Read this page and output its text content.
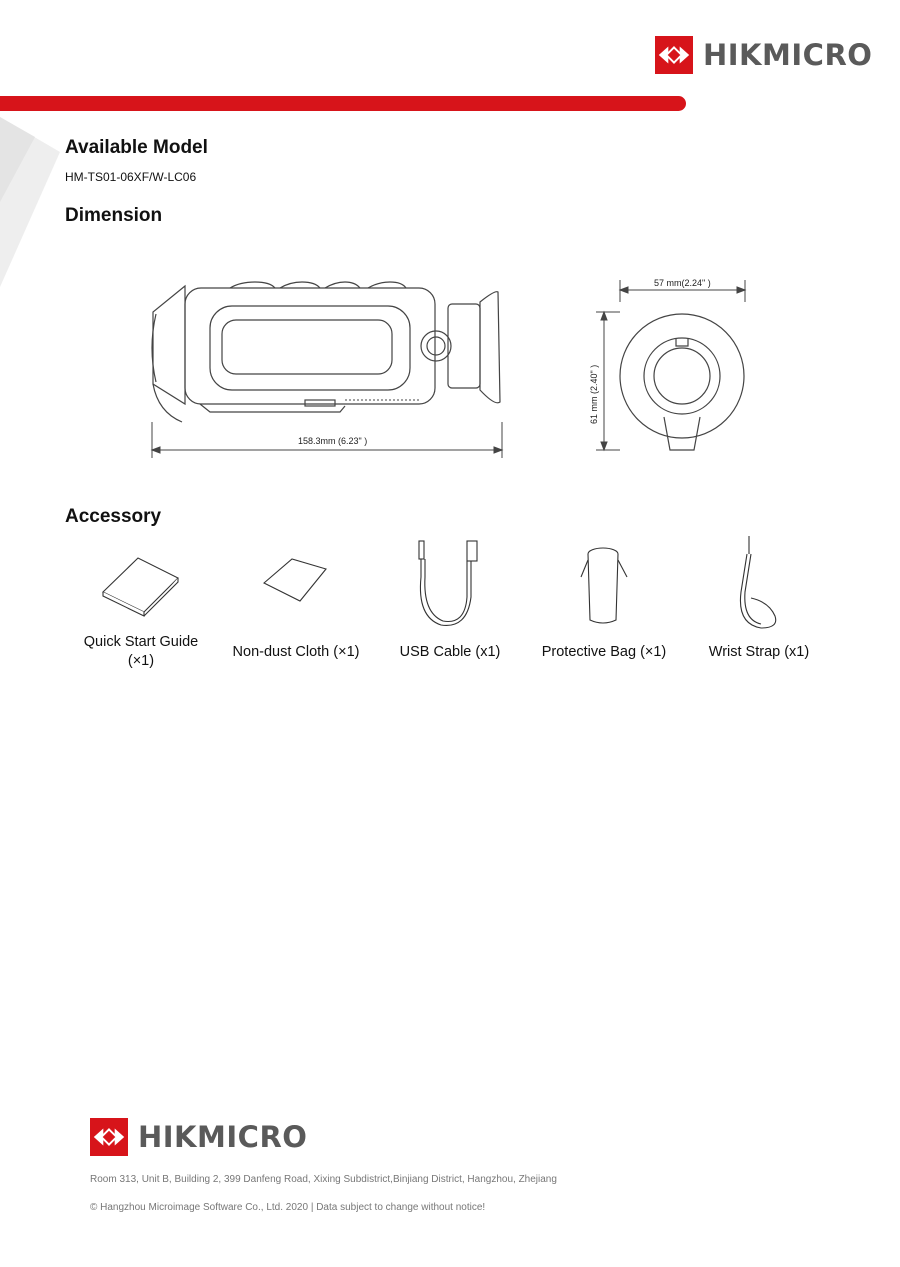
HIKMICRO
Available Model
HM-TS01-06XF/W-LC06
Dimension
158.3mm (6.23" )
57 mm(2.24" )
61 mm (2.40" )
Accessory
Quick Start Guide
(×1)
Non-dust Cloth (×1)	USB Cable (x1)	Protective Bag (×1)	Wrist Strap (x1)
HIKMICRO
Room 313, Unit B, Building 2, 399 Danfeng Road, Xixing Subdistrict,Binjiang District, Hangzhou, Zhejiang
© Hangzhou Microimage Software Co., Ltd. 2020 | Data subject to change without notice!
